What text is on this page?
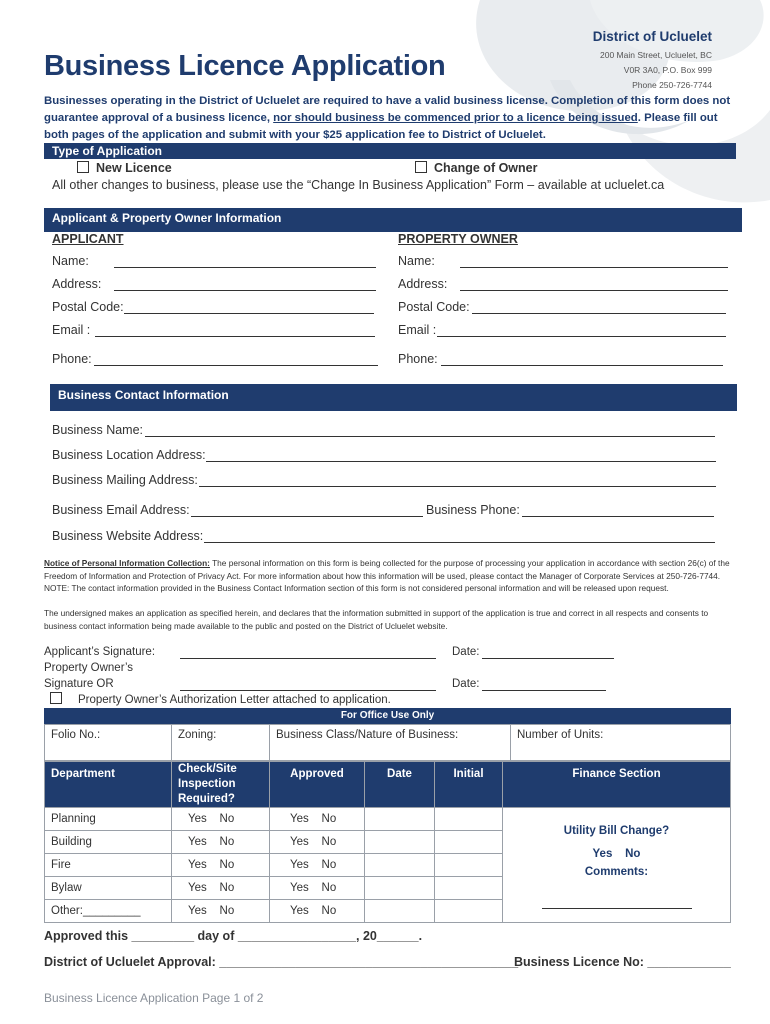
District of Ucluelet
200 Main Street, Ucluelet, BC
V0R 3A0, P.O. Box 999
Phone 250-726-7744
Business Licence Application
Businesses operating in the District of Ucluelet are required to have a valid business license. Completion of this form does not guarantee approval of a business licence, nor should business be commenced prior to a licence being issued. Please fill out both pages of the application and submit with your $25 application fee to District of Ucluelet.
Type of Application
New Licence	Change of Owner
All other changes to business, please use the “Change In Business Application” Form – available at ucluelet.ca
Applicant & Property Owner Information
APPLICANT	PROPERTY OWNER
Name:	Name:
Address:	Address:
Postal Code:	Postal Code:
Email :	Email :
Phone:	Phone:
Business Contact Information
Business Name:
Business Location Address:
Business Mailing Address:
Business Email Address:	Business Phone:
Business Website Address:
Notice of Personal Information Collection: The personal information on this form is being collected for the purpose of processing your application in accordance with section 26(c) of the Freedom of Information and Protection of Privacy Act. For more information about how this information will be used, please contact the Manager of Corporate Services at 250-726-7744. NOTE: The contact information provided in the Business Contact Information section of this form is not considered personal information and will be released upon request.
The undersigned makes an application as specified herein, and declares that the information submitted in support of the application is true and correct in all respects and consents to business contact information being made available to the public and posted on the District of Ucluelet website.
Applicant’s Signature:	Date:
Property Owner’s
Signature OR	Date:
Property Owner’s Authorization Letter attached to application.
For Office Use Only
Folio No.:	Zoning:	Business Class/Nature of Business:	Number of Units:
Department	Check/Site Inspection Required?	Approved	Date	Initial	Finance Section
Planning	Yes No	Yes No			Utility Bill Change?
Yes No
Comments:

Building	Yes No	Yes No			
Fire	Yes No	Yes No			
Bylaw	Yes No	Yes No			
Other:_________	Yes No	Yes No			
Approved this _________ day of _________________, 20______.
District of Ucluelet Approval: ___________________________________________
Business Licence No: ____________
Business Licence Application Page 1 of 2
